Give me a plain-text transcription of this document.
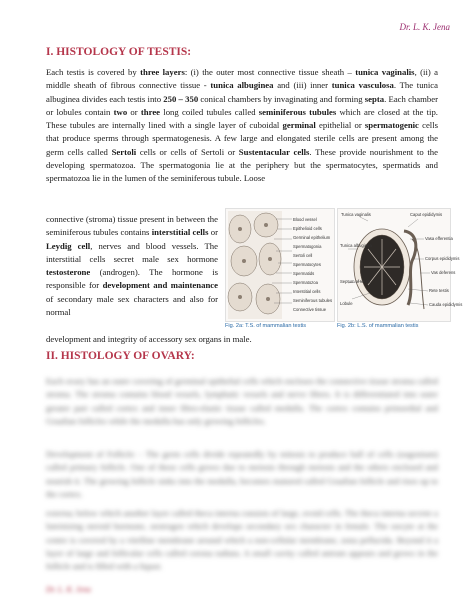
Dr. L. K. Jena
I. HISTOLOGY OF TESTIS:
Each testis is covered by three layers: (i) the outer most connective tissue sheath – tunica vaginalis, (ii) a middle sheath of fibrous connective tissue - tunica albuginea and (iii) inner tunica vasculosa. The tunica albuginea divides each testis into 250 – 350 conical chambers by invaginating and forming septa. Each chamber or lobules contain two or three long coiled tubules called seminiferous tubules which are closed at the tip. These tubules are internally lined with a single layer of cuboidal germinal epithelial or spermatogenic cells that produce sperms through spermatogenesis. A few large and elongated sterile cells are present among the germ cells called Sertoli cells or cells of Sertoli or Sustentacular cells. These provide nourishment to the developing spermatozoa. The spermatogonia lie at the periphery but the spermatocytes, spermatids and spermatozoa lie in the lumen of the seminiferous tubule. Loose
connective (stroma) tissue present in between the seminiferous tubules contains interstitial cells or Leydig cell, nerves and blood vessels. The interstitial cells secret male sex hormone testosterone (androgen). The hormone is responsible for development and maintenance of secondary male sex characters and also for normal
development and integrity of accessory sex organs in male.
Blood vessel
Epithelioid cells
Germinal epithelium
Spermatogonia
Sertoli cell
Spermatocytes
Spermatids
Spermatozoa
Interstitial cells
Seminiferous tubules
Connective tissue
Fig. 2a: T.S. of mammalian testis
Tunica vaginalis	Caput epididymis
Vasa efferentia
Tunica albuginea
Corpus epididymis
Vas deferens
Septum of testis
Lobule
Rete testis
Cauda epididymis
Fig. 2b: L.S. of mammalian testis
II. HISTOLOGY OF OVARY:
Each ovary has an outer covering of germinal epithelial cells which encloses the connective tissue stroma called stroma. The stroma contains blood vessels, lymphatic vessels and nerve fibres. It is differentiated into outer greater part called cortex and inner fibro-elastic tissue called medulla. The cortex contains primordial and Graafian follicles while the medulla has only growing follicles.
Development of Follicle: - The germ cells divide repeatedly by mitosis to produce ball of cells (oogonium) called primary follicle. One of these cells grows due to meiosis through meiosis and the others enclosed and nourish it. The growing follicle sinks into the medulla, becomes matured called Graafian follicle and rises up to the cortex.
externa; below which another layer called theca interna consists of large, ovoid cells. The theca interna secrete a luteinizing steroid hormone, oestrogen which develops secondary sex character in female. The oocyte at the centre is covered by a vitelline membrane around which a non-cellular membrane, zona pellucida. Beyond it a layer of large and follicular cells called corona radiata. A small cavity called antrum appears and grows in the follicle and is filled with a liquor.
Dr. L. K. Jena
